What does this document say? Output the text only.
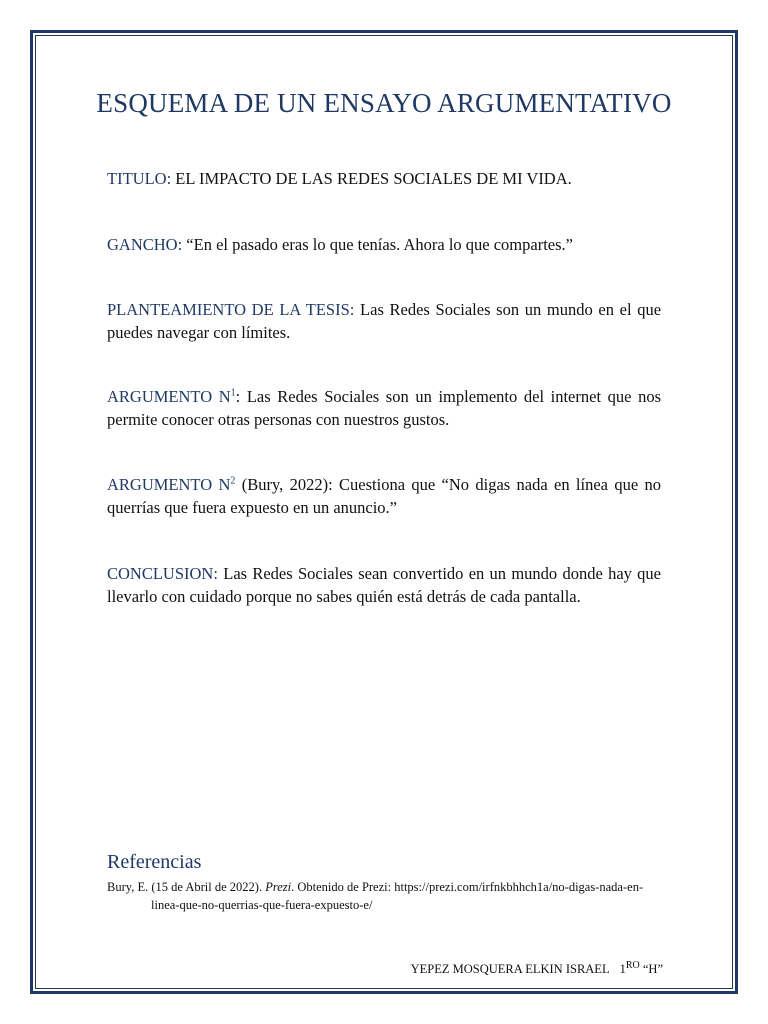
ESQUEMA DE UN ENSAYO ARGUMENTATIVO
TITULO: EL IMPACTO DE LAS REDES SOCIALES DE MI VIDA.
GANCHO: “En el pasado eras lo que tenías. Ahora lo que compartes.”
PLANTEAMIENTO DE LA TESIS: Las Redes Sociales son un mundo en el que puedes navegar con límites.
ARGUMENTO $N^1$: Las Redes Sociales son un implemento del internet que nos permite conocer otras personas con nuestros gustos.
ARGUMENTO $N^2$ (Bury, 2022): Cuestiona que “No digas nada en línea que no querrías que fuera expuesto en un anuncio.”
CONCLUSION: Las Redes Sociales sean convertido en un mundo donde hay que llevarlo con cuidado porque no sabes quién está detrás de cada pantalla.
Referencias
Bury, E. (15 de Abril de 2022). Prezi. Obtenido de Prezi: https://prezi.com/irfnkbhhch1a/no-digas-nada-en-linea-que-no-querrias-que-fuera-expuesto-e/
YEPEZ MOSQUERA ELKIN ISRAEL $1^{RO}$ “H”
